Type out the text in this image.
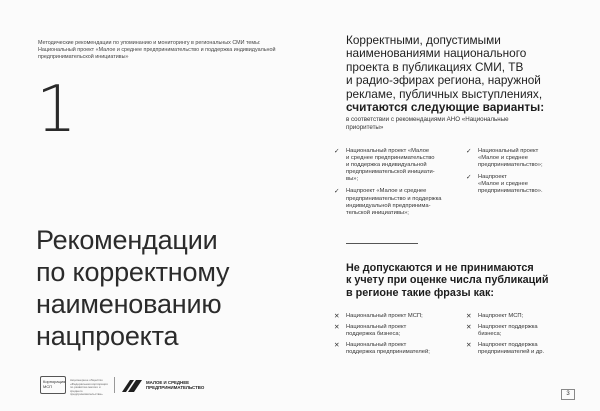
Методические рекомендации по упоминанию и мониторингу в региональных СМИ темы: Национальный проект «Малое и среднее предпринимательство и поддержка индивидуальной предпринимательской инициативы»
1
Рекомендации
по корректному
наименованию
нацпроекта
Корпорация МСП
Акционерное общество «Федеральная корпорация по развитию малого и среднего предпринимательства»
МАЛОЕ И СРЕДНЕЕ
ПРЕДПРИНИМАТЕЛЬСТВО
Корректными, допустимыми
наименованиями национального
проекта в публикациях СМИ, ТВ
и радио-эфирах региона, наружной
рекламе, публичных выступлениях,
считаются следующие варианты:
в соответствии с рекомендациями АНО «Национальные приоритеты»
✓	Национальный проект «Малое
и среднее предпринимательство
и поддержка индивидуальной
предпринимательской инициати-
вы»;
✓	Нацпроект «Малое и среднее
предпринимательство и поддержка
индивидуальной предпринима-
тельской инициативы»;
✓	Национальный проект
«Малое и среднее
предпринимательство»;
✓	Нацпроект
«Малое и среднее
предпринимательство».
Не допускаются и не принимаются
к учету при оценке числа публикаций
в регионе такие фразы как:
✕	Национальный проект МСП;
✕	Национальный проект
поддержка бизнеса;
✕	Национальный проект
поддержка предпринимателей;
✕	Нацпроект МСП;
✕	Нацпроект поддержка
бизнеса;
✕	Нацпроект поддержка
предпринимателей и др.
3
